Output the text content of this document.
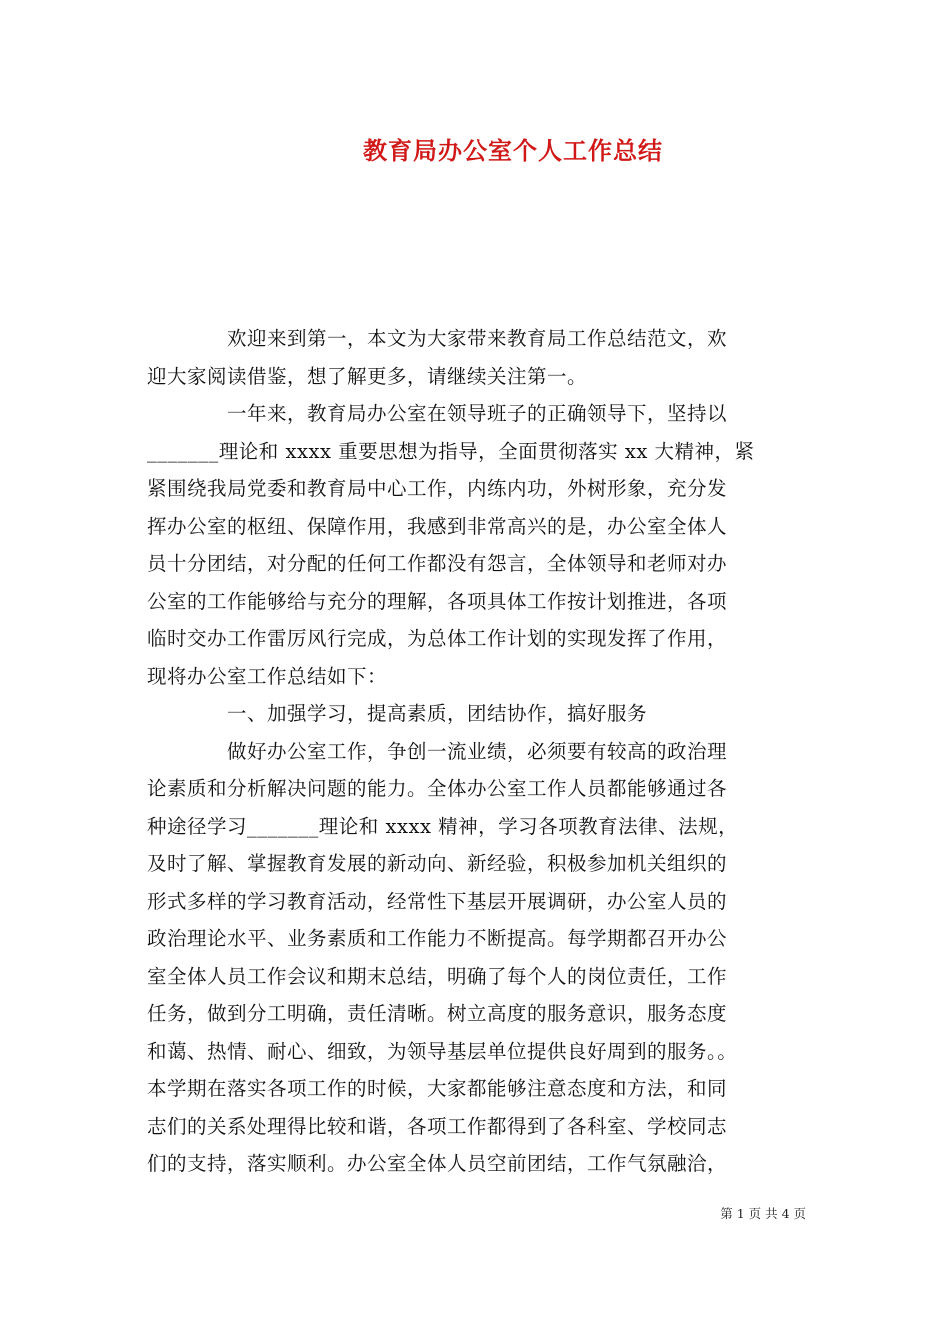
教育局办公室个人工作总结
　　　　欢迎来到第一，本文为大家带来教育局工作总结范文，欢
迎大家阅读借鉴，想了解更多，请继续关注第一。
　　　　一年来，教育局办公室在领导班子的正确领导下，坚持以
_______理论和 xxxx 重要思想为指导，全面贯彻落实 xx 大精神，紧
紧围绕我局党委和教育局中心工作，内练内功，外树形象，充分发
挥办公室的枢纽、保障作用，我感到非常高兴的是，办公室全体人
员十分团结，对分配的任何工作都没有怨言，全体领导和老师对办
公室的工作能够给与充分的理解，各项具体工作按计划推进，各项
临时交办工作雷厉风行完成，为总体工作计划的实现发挥了作用，
现将办公室工作总结如下：
　　　　一、加强学习，提高素质，团结协作，搞好服务
　　　　做好办公室工作，争创一流业绩，必须要有较高的政治理
论素质和分析解决问题的能力。全体办公室工作人员都能够通过各
种途径学习_______理论和 xxxx 精神，学习各项教育法律、法规，
及时了解、掌握教育发展的新动向、新经验，积极参加机关组织的
形式多样的学习教育活动，经常性下基层开展调研，办公室人员的
政治理论水平、业务素质和工作能力不断提高。每学期都召开办公
室全体人员工作会议和期末总结，明确了每个人的岗位责任，工作
任务，做到分工明确，责任清晰。树立高度的服务意识，服务态度
和蔼、热情、耐心、细致，为领导基层单位提供良好周到的服务。。
本学期在落实各项工作的时候，大家都能够注意态度和方法，和同
志们的关系处理得比较和谐，各项工作都得到了各科室、学校同志
们的支持，落实顺利。办公室全体人员空前团结，工作气氛融洽，
第 1 页 共 4 页
